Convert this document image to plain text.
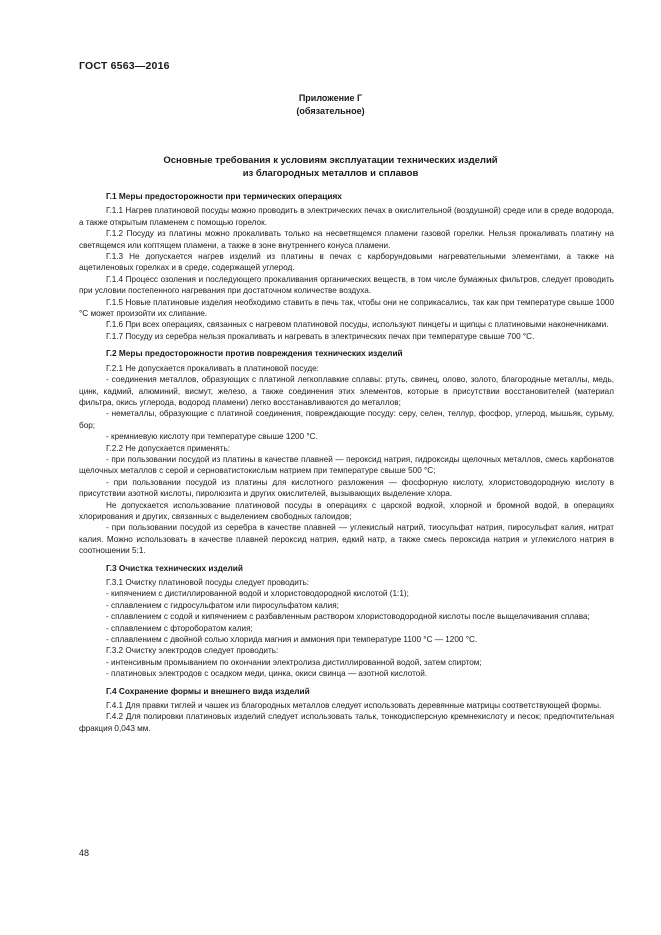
ГОСТ 6563—2016
Приложение Г
(обязательное)
Основные требования к условиям эксплуатации технических изделий
из благородных металлов и сплавов

Г.1 Меры предосторожности при термических операциях

Г.1.1 Нагрев платиновой посуды можно проводить в электрических печах в окислительной (воздушной) среде или в среде водорода, а также открытым пламенем с помощью горелок.

Г.1.2 Посуду из платины можно прокаливать только на несветящемся пламени газовой горелки. Нельзя прокаливать платину на светящемся или коптящем пламени, а также в зоне внутреннего конуса пламени.

Г.1.3 Не допускается нагрев изделий из платины в печах с карборундовыми нагревательными элементами, а также на ацетиленовых горелках и в среде, содержащей углерод.

Г.1.4 Процесс озоления и последующего прокаливания органических веществ, в том числе бумажных фильтров, следует проводить при условии постепенного нагревания при достаточном количестве воздуха.

Г.1.5 Новые платиновые изделия необходимо ставить в печь так, чтобы они не соприкасались, так как при температуре свыше 1000 °С может произойти их слипание.

Г.1.6 При всех операциях, связанных с нагревом платиновой посуды, используют пинцеты и щипцы с платиновыми наконечниками.

Г.1.7 Посуду из серебра нельзя прокаливать и нагревать в электрических печах при температуре свыше 700 °С.

Г.2 Меры предосторожности против повреждения технических изделий

Г.2.1 Не допускается прокаливать в платиновой посуде:

- соединения металлов, образующих с платиной легкоплавкие сплавы: ртуть, свинец, олово, золото, благородные металлы, медь, цинк, кадмий, алюминий, висмут, железо, а также соединения этих элементов, которые в присутствии восстановителей (материал фильтра, окись углерода, водород пламени) легко восстанавливаются до металлов;

- неметаллы, образующие с платиной соединения, повреждающие посуду: серу, селен, теллур, фосфор, углерод, мышьяк, сурьму, бор;

- кремниевую кислоту при температуре свыше 1200 °С.

Г.2.2 Не допускается применять:

- при пользовании посудой из платины в качестве плавней — пероксид натрия, гидроксиды щелочных металлов, смесь карбонатов щелочных металлов с серой и серноватистокислым натрием при температуре свыше 500 °С;

- при пользовании посудой из платины для кислотного разложения — фосфорную кислоту, хлористоводородную кислоту в присутствии азотной кислоты, пиролюзита и других окислителей, вызывающих выделение хлора.

Не допускается использование платиновой посуды в операциях с царской водкой, хлорной и бромной водой, в операциях хлорирования и других, связанных с выделением свободных галоидов;

- при пользовании посудой из серебра в качестве плавней — углекислый натрий, тиосульфат натрия, пиросульфат калия, нитрат калия. Можно использовать в качестве плавней пероксид натрия, едкий натр, а также смесь пероксида натрия и углекислого натрия в соотношении 5:1.

Г.3 Очистка технических изделий

Г.3.1 Очистку платиновой посуды следует проводить:

- кипячением с дистиллированной водой и хлористоводородной кислотой (1:1);

- сплавлением с гидросульфатом или пиросульфатом калия;

- сплавлением с содой и кипячением с разбавленным раствором хлористоводородной кислоты после выщелачивания сплава;

- сплавлением с фтороборатом калия;

- сплавлением с двойной солью хлорида магния и аммония при температуре 1100 °С — 1200 °С.

Г.3.2 Очистку электродов следует проводить:

- интенсивным промыванием по окончании электролиза дистиллированной водой, затем спиртом;

- платиновых электродов с осадком меди, цинка, окиси свинца — азотной кислотой.

Г.4 Сохранение формы и внешнего вида изделий

Г.4.1 Для правки тиглей и чашек из благородных металлов следует использовать деревянные матрицы соответствующей формы.

Г.4.2 Для полировки платиновых изделий следует использовать тальк, тонкодисперсную кремнекислоту и песок; предпочтительная фракция 0,043 мм.

48
